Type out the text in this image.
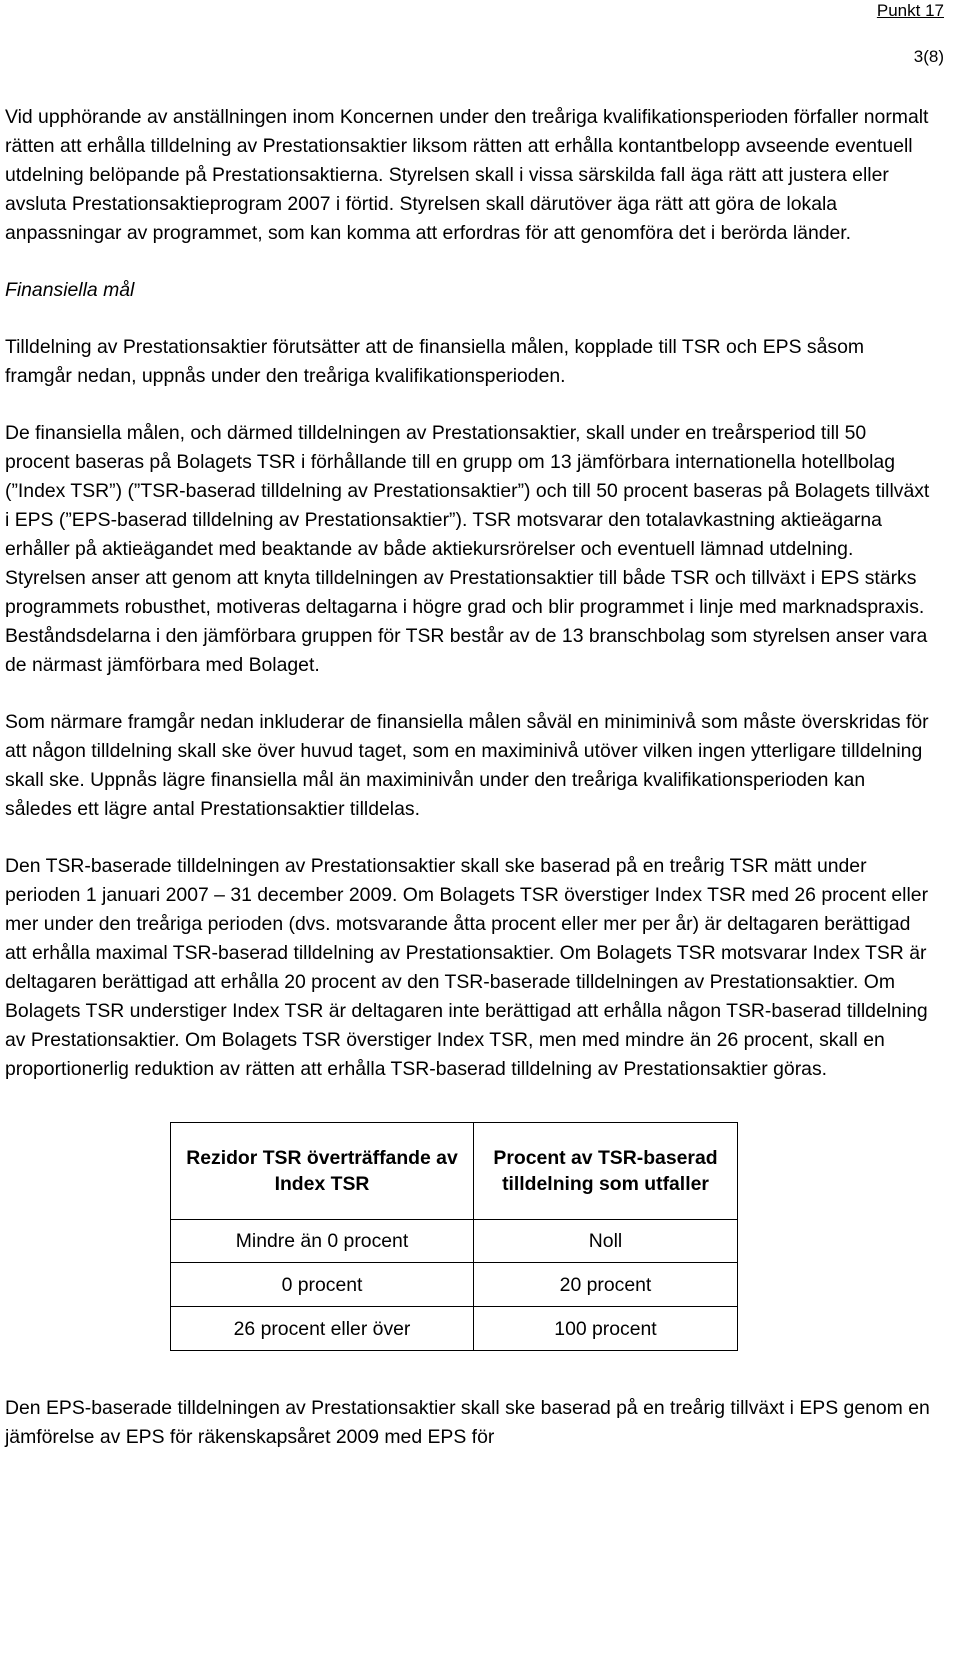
Punkt 17
3(8)

Vid upphörande av anställningen inom Koncernen under den treåriga kvalifikationsperioden förfaller normalt rätten att erhålla tilldelning av Prestationsaktier liksom rätten att erhålla kontantbelopp avseende eventuell utdelning belöpande på Prestationsaktierna. Styrelsen skall i vissa särskilda fall äga rätt att justera eller avsluta Prestationsaktieprogram 2007 i förtid. Styrelsen skall därutöver äga rätt att göra de lokala anpassningar av programmet, som kan komma att erfordras för att genomföra det i berörda länder.

Finansiella mål

Tilldelning av Prestationsaktier förutsätter att de finansiella målen, kopplade till TSR och EPS såsom framgår nedan, uppnås under den treåriga kvalifikationsperioden.

De finansiella målen, och därmed tilldelningen av Prestationsaktier, skall under en treårsperiod till 50 procent baseras på Bolagets TSR i förhållande till en grupp om 13 jämförbara internationella hotellbolag (”Index TSR”) (”TSR-baserad tilldelning av Prestationsaktier”) och till 50 procent baseras på Bolagets tillväxt i EPS (”EPS-baserad tilldelning av Prestationsaktier”). TSR motsvarar den totalavkastning aktieägarna erhåller på aktieägandet med beaktande av både aktiekursrörelser och eventuell lämnad utdelning. Styrelsen anser att genom att knyta tilldelningen av Prestationsaktier till både TSR och tillväxt i EPS stärks programmets robusthet, motiveras deltagarna i högre grad och blir programmet i linje med marknadspraxis. Beståndsdelarna i den jämförbara gruppen för TSR består av de 13 branschbolag som styrelsen anser vara de närmast jämförbara med Bolaget.

Som närmare framgår nedan inkluderar de finansiella målen såväl en miniminivå som måste överskridas för att någon tilldelning skall ske över huvud taget, som en maximinivå utöver vilken ingen ytterligare tilldelning skall ske. Uppnås lägre finansiella mål än maximinivån under den treåriga kvalifikationsperioden kan således ett lägre antal Prestationsaktier tilldelas.

Den TSR-baserade tilldelningen av Prestationsaktier skall ske baserad på en treårig TSR mätt under perioden 1 januari 2007 – 31 december 2009. Om Bolagets TSR överstiger Index TSR med 26 procent eller mer under den treåriga perioden (dvs. motsvarande åtta procent eller mer per år) är deltagaren berättigad att erhålla maximal TSR-baserad tilldelning av Prestationsaktier. Om Bolagets TSR motsvarar Index TSR är deltagaren berättigad att erhålla 20 procent av den TSR-baserade tilldelningen av Prestationsaktier. Om Bolagets TSR understiger Index TSR är deltagaren inte berättigad att erhålla någon TSR-baserad tilldelning av Prestationsaktier. Om Bolagets TSR överstiger Index TSR, men med mindre än 26 procent, skall en proportionerlig reduktion av rätten att erhålla TSR-baserad tilldelning av Prestationsaktier göras.

Rezidor TSR överträffande av Index TSR	Procent av TSR-baserad tilldelning som utfaller
Mindre än 0 procent	Noll
0 procent	20 procent
26 procent eller över	100 procent

Den EPS-baserade tilldelningen av Prestationsaktier skall ske baserad på en treårig tillväxt i EPS genom en jämförelse av EPS för räkenskapsåret 2009 med EPS för
